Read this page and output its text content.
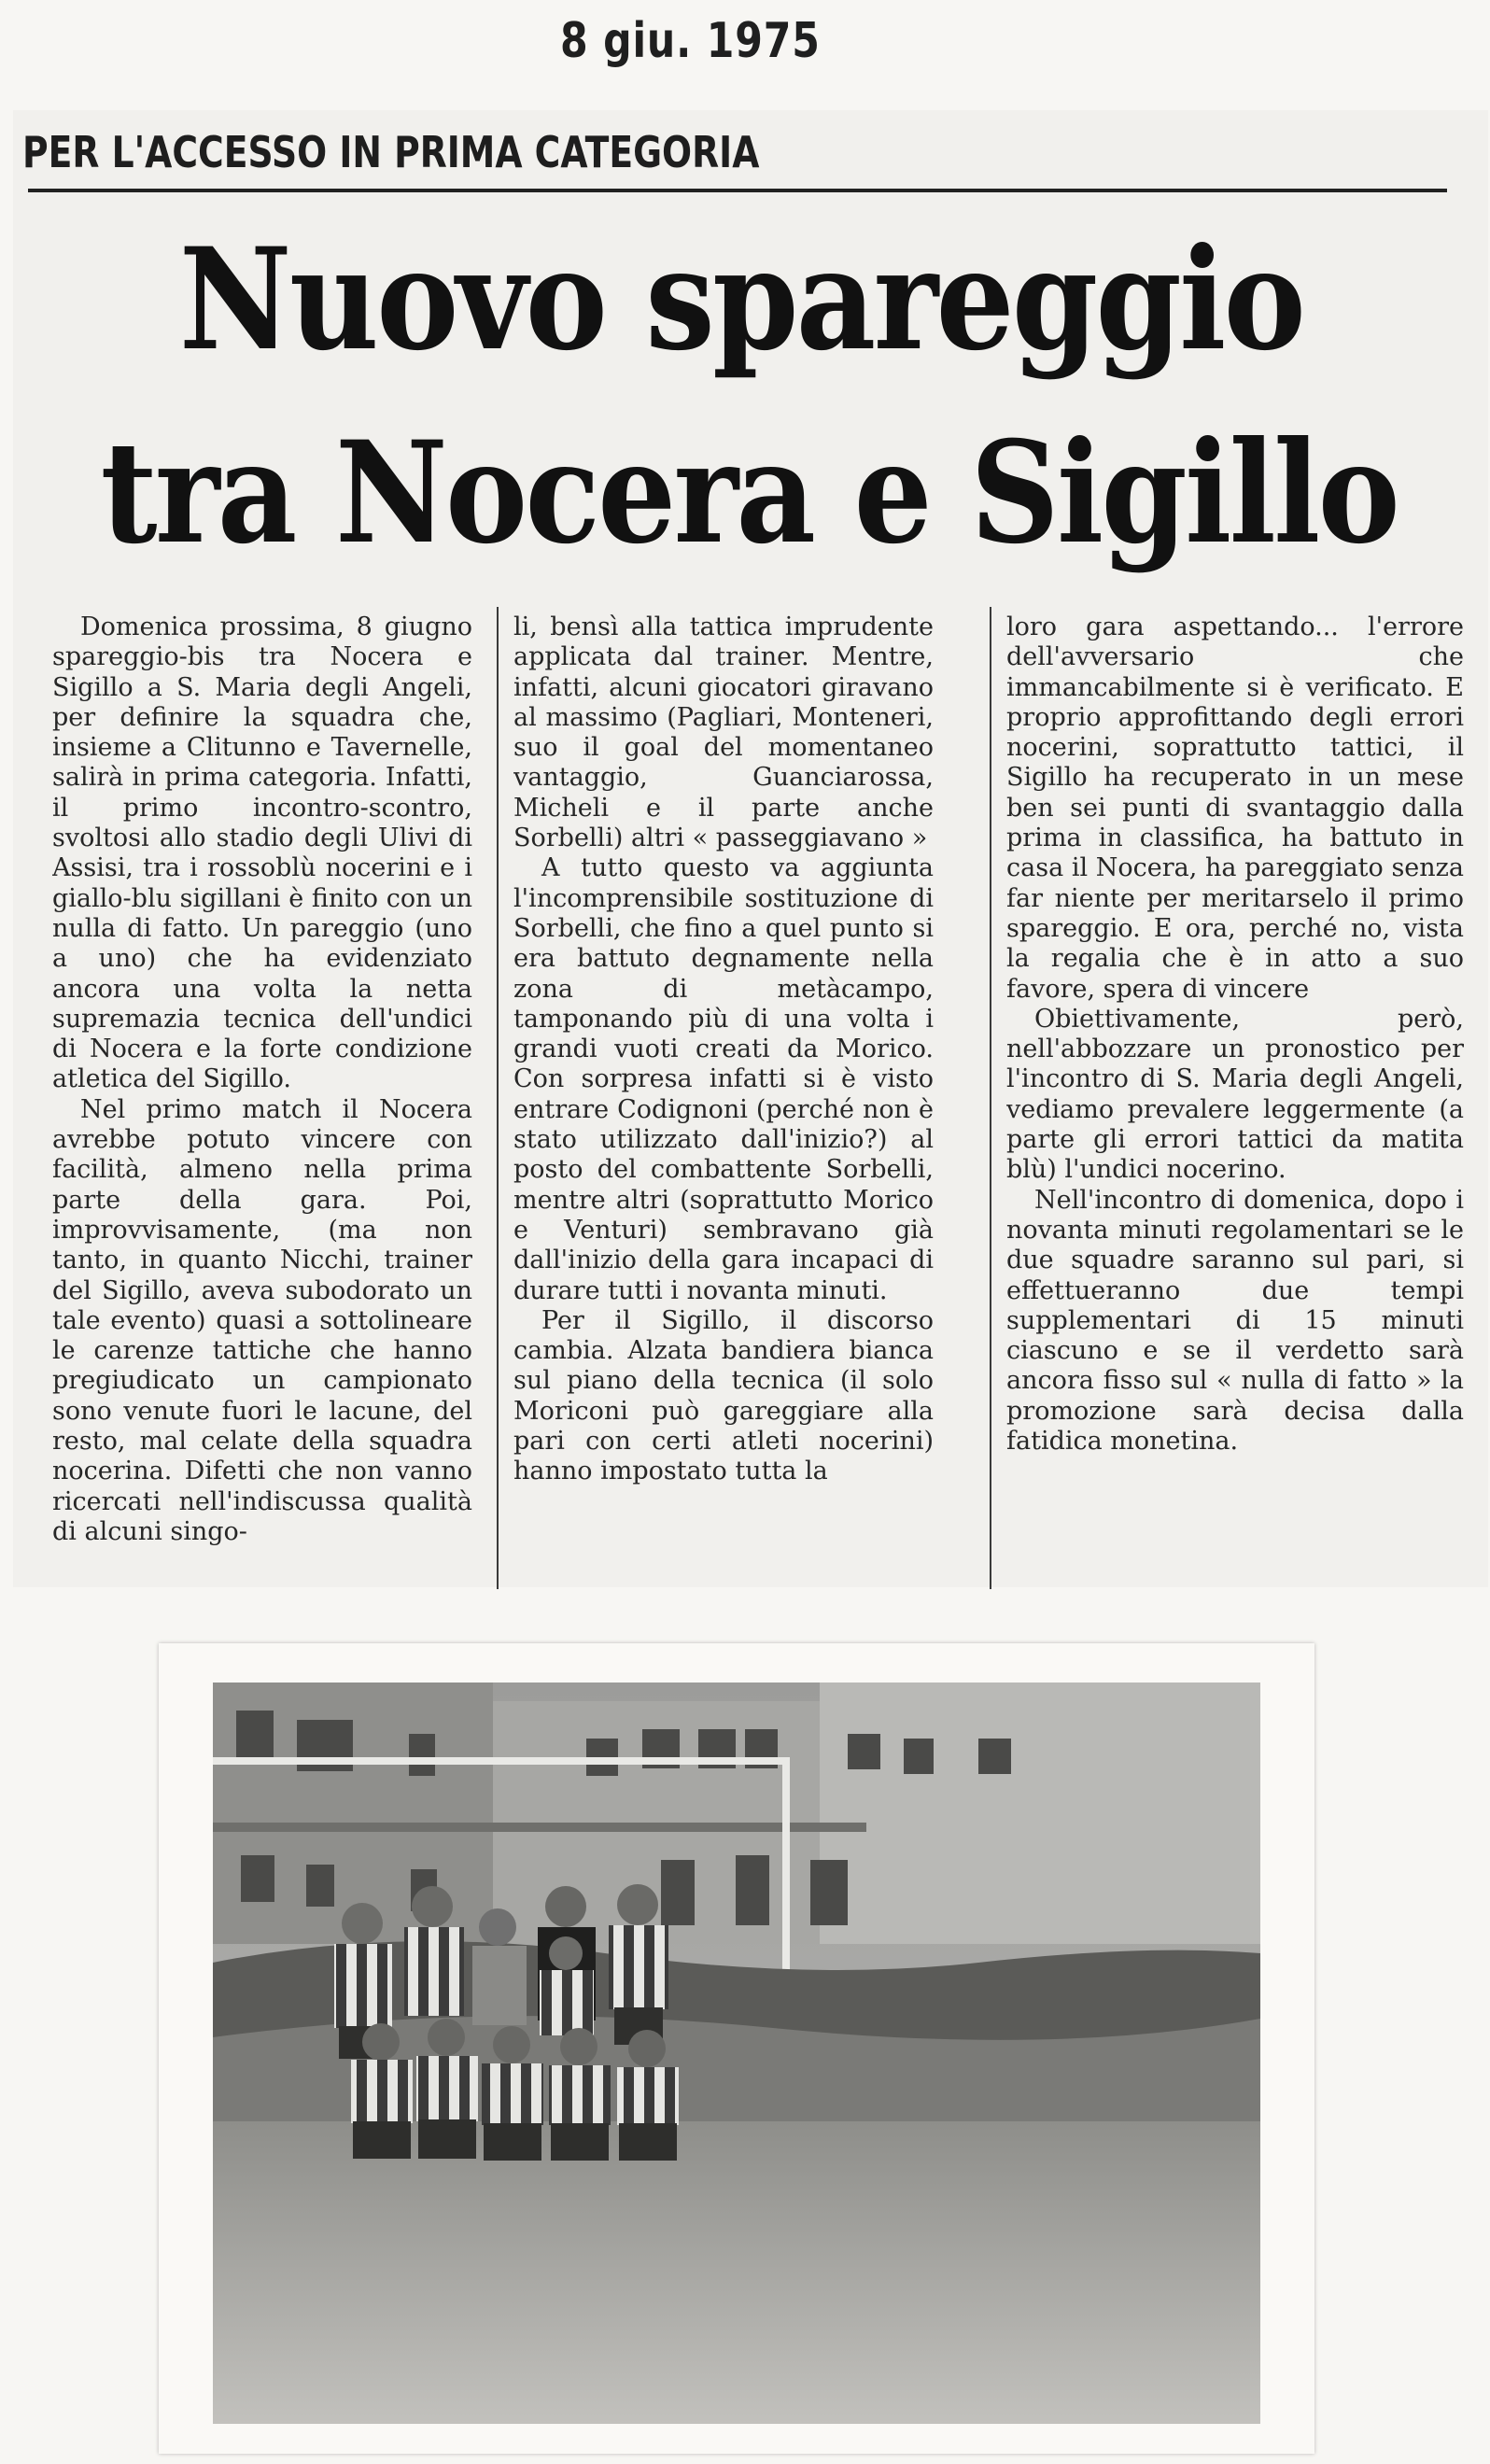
8 giu. 1975
PER L'ACCESSO IN PRIMA CATEGORIA
Nuovo spareggio
tra Nocera e Sigillo

Domenica prossima, 8 giugno spareggio-bis tra Nocera e Sigillo a S. Maria degli Angeli, per definire la squadra che, insieme a Clitunno e Tavernelle, salirà in prima categoria. Infatti, il primo incontro-scontro, svoltosi allo stadio degli Ulivi di Assisi, tra i rossoblù nocerini e i giallo-blu sigillani è finito con un nulla di fatto. Un pareggio (uno a uno) che ha evidenziato ancora una volta la netta supremazia tecnica dell'undici di Nocera e la forte condizione atletica del Sigillo.

Nel primo match il Nocera avrebbe potuto vincere con facilità, almeno nella prima parte della gara. Poi, improvvisamente, (ma non tanto, in quanto Nicchi, trainer del Sigillo, aveva subodorato un tale evento) quasi a sottolineare le carenze tattiche che hanno pregiudicato un campionato sono venute fuori le lacune, del resto, mal celate della squadra nocerina. Difetti che non vanno ricercati nell'indiscussa qualità di alcuni singo-

li, bensì alla tattica imprudente applicata dal trainer. Mentre, infatti, alcuni giocatori giravano al massimo (Pagliari, Monteneri, suo il goal del momentaneo vantaggio, Guanciarossa, Micheli e il parte anche Sorbelli) altri « passeggiavano »

A tutto questo va aggiunta l'incomprensibile sostituzione di Sorbelli, che fino a quel punto si era battuto degnamente nella zona di metàcampo, tamponando più di una volta i grandi vuoti creati da Morico. Con sorpresa infatti si è visto entrare Codignoni (perché non è stato utilizzato dall'inizio?) al posto del combattente Sorbelli, mentre altri (soprattutto Morico e Venturi) sembravano già dall'inizio della gara incapaci di durare tutti i novanta minuti.

Per il Sigillo, il discorso cambia. Alzata bandiera bianca sul piano della tecnica (il solo Moriconi può gareggiare alla pari con certi atleti nocerini) hanno impostato tutta la

loro gara aspettando... l'errore dell'avversario che immancabilmente si è verificato. E proprio approfittando degli errori nocerini, soprattutto tattici, il Sigillo ha recuperato in un mese ben sei punti di svantaggio dalla prima in classifica, ha battuto in casa il Nocera, ha pareggiato senza far niente per meritarselo il primo spareggio. E ora, perché no, vista la regalia che è in atto a suo favore, spera di vincere

Obiettivamente, però, nell'abbozzare un pronostico per l'incontro di S. Maria degli Angeli, vediamo prevalere leggermente (a parte gli errori tattici da matita blù) l'undici nocerino.

Nell'incontro di domenica, dopo i novanta minuti regolamentari se le due squadre saranno sul pari, si effettueranno due tempi supplementari di 15 minuti ciascuno e se il verdetto sarà ancora fisso sul « nulla di fatto » la promozione sarà decisa dalla fatidica monetina.
